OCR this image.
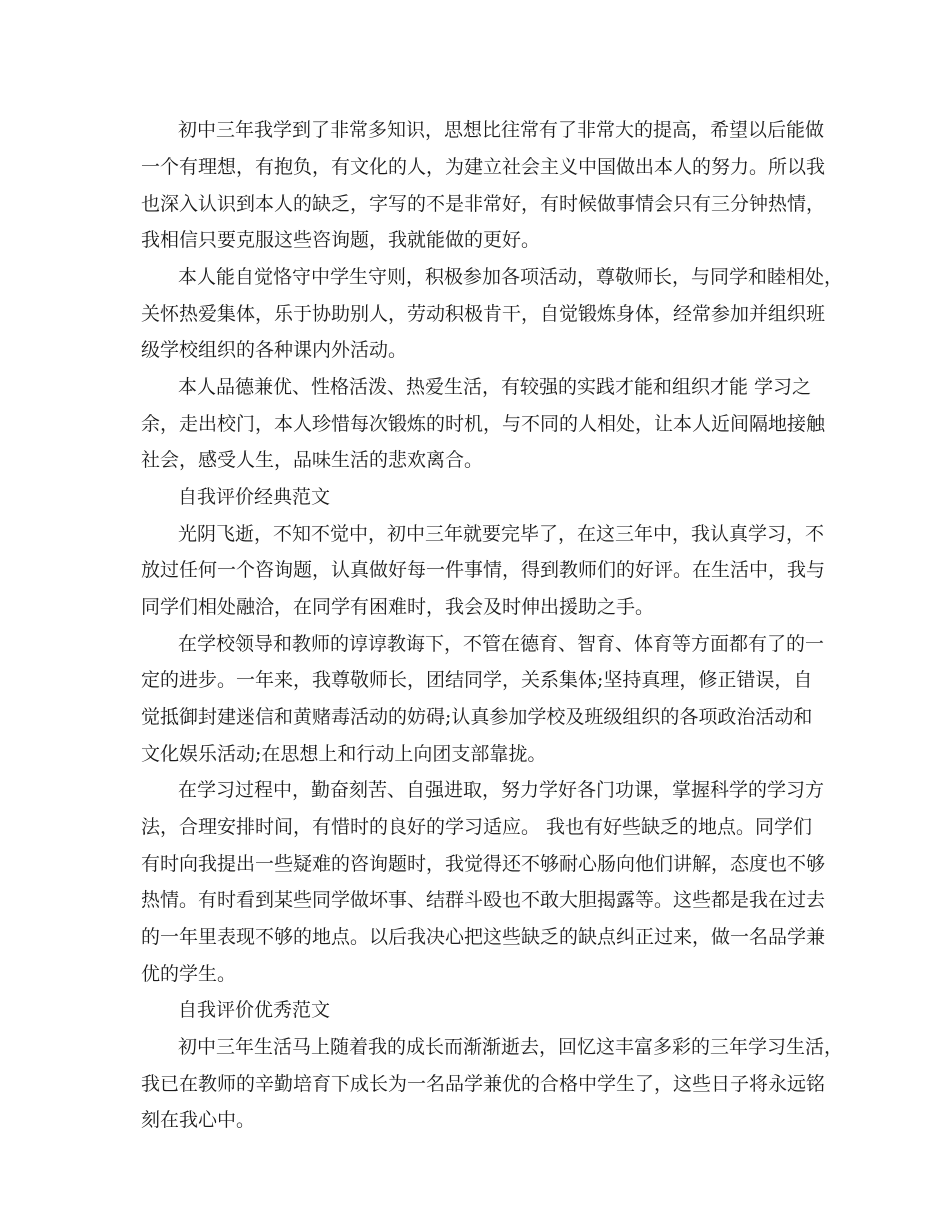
初中三年我学到了非常多知识，思想比往常有了非常大的提高，希望以后能做
一个有理想，有抱负，有文化的人，为建立社会主义中国做出本人的努力。所以我
也深入认识到本人的缺乏，字写的不是非常好，有时候做事情会只有三分钟热情，
我相信只要克服这些咨询题，我就能做的更好。
本人能自觉恪守中学生守则，积极参加各项活动，尊敬师长，与同学和睦相处，
关怀热爱集体，乐于协助别人，劳动积极肯干，自觉锻炼身体，经常参加并组织班
级学校组织的各种课内外活动。
本人品德兼优、性格活泼、热爱生活，有较强的实践才能和组织才能 学习之
余，走出校门，本人珍惜每次锻炼的时机，与不同的人相处，让本人近间隔地接触
社会，感受人生，品味生活的悲欢离合。
自我评价经典范文
光阴飞逝，不知不觉中，初中三年就要完毕了，在这三年中，我认真学习，不
放过任何一个咨询题，认真做好每一件事情，得到教师们的好评。在生活中，我与
同学们相处融洽，在同学有困难时，我会及时伸出援助之手。
在学校领导和教师的谆谆教诲下，不管在德育、智育、体育等方面都有了的一
定的进步。一年来，我尊敬师长，团结同学，关系集体;坚持真理，修正错误，自
觉抵御封建迷信和黄赌毒活动的妨碍;认真参加学校及班级组织的各项政治活动和
文化娱乐活动;在思想上和行动上向团支部靠拢。
在学习过程中，勤奋刻苦、自强进取，努力学好各门功课，掌握科学的学习方
法，合理安排时间，有惜时的良好的学习适应。 我也有好些缺乏的地点。同学们
有时向我提出一些疑难的咨询题时，我觉得还不够耐心肠向他们讲解，态度也不够
热情。有时看到某些同学做坏事、结群斗殴也不敢大胆揭露等。这些都是我在过去
的一年里表现不够的地点。以后我决心把这些缺乏的缺点纠正过来，做一名品学兼
优的学生。
自我评价优秀范文
初中三年生活马上随着我的成长而渐渐逝去，回忆这丰富多彩的三年学习生活，
我已在教师的辛勤培育下成长为一名品学兼优的合格中学生了，这些日子将永远铭
刻在我心中。
